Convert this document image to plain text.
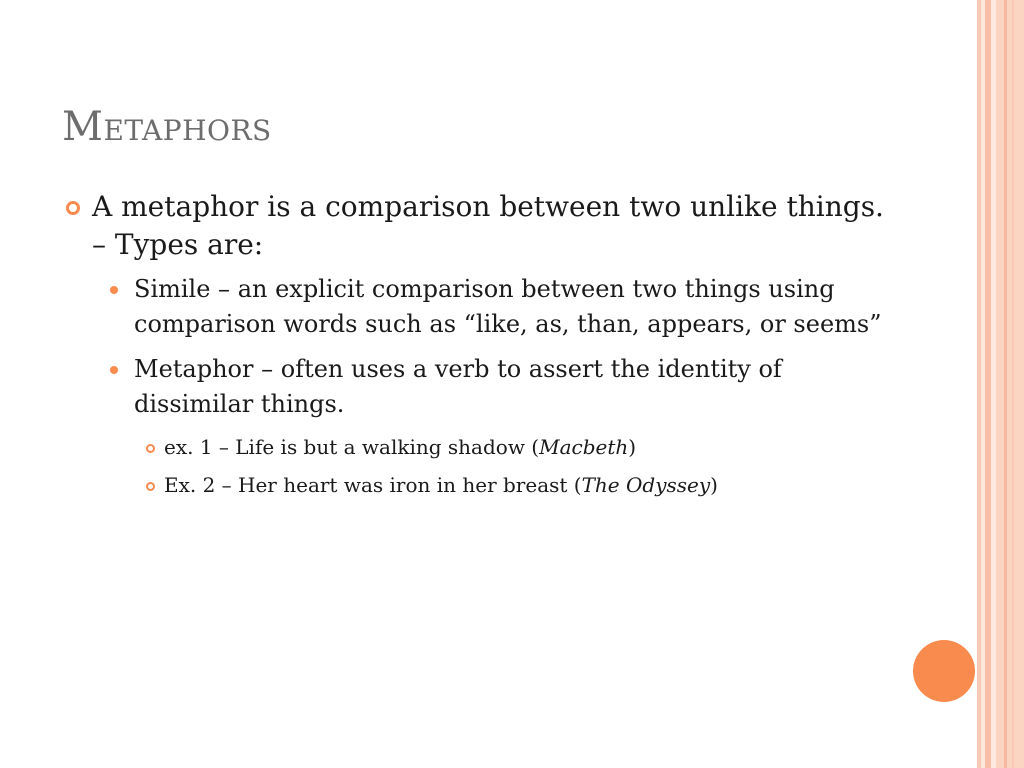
Metaphors

A metaphor is a comparison between two unlike things. – Types are:

Simile – an explicit comparison between two things using comparison words such as “like, as, than, appears, or seems”

Metaphor – often uses a verb to assert the identity of dissimilar things.

ex. 1 – Life is but a walking shadow (Macbeth)

Ex. 2 – Her heart was iron in her breast (The Odyssey)
